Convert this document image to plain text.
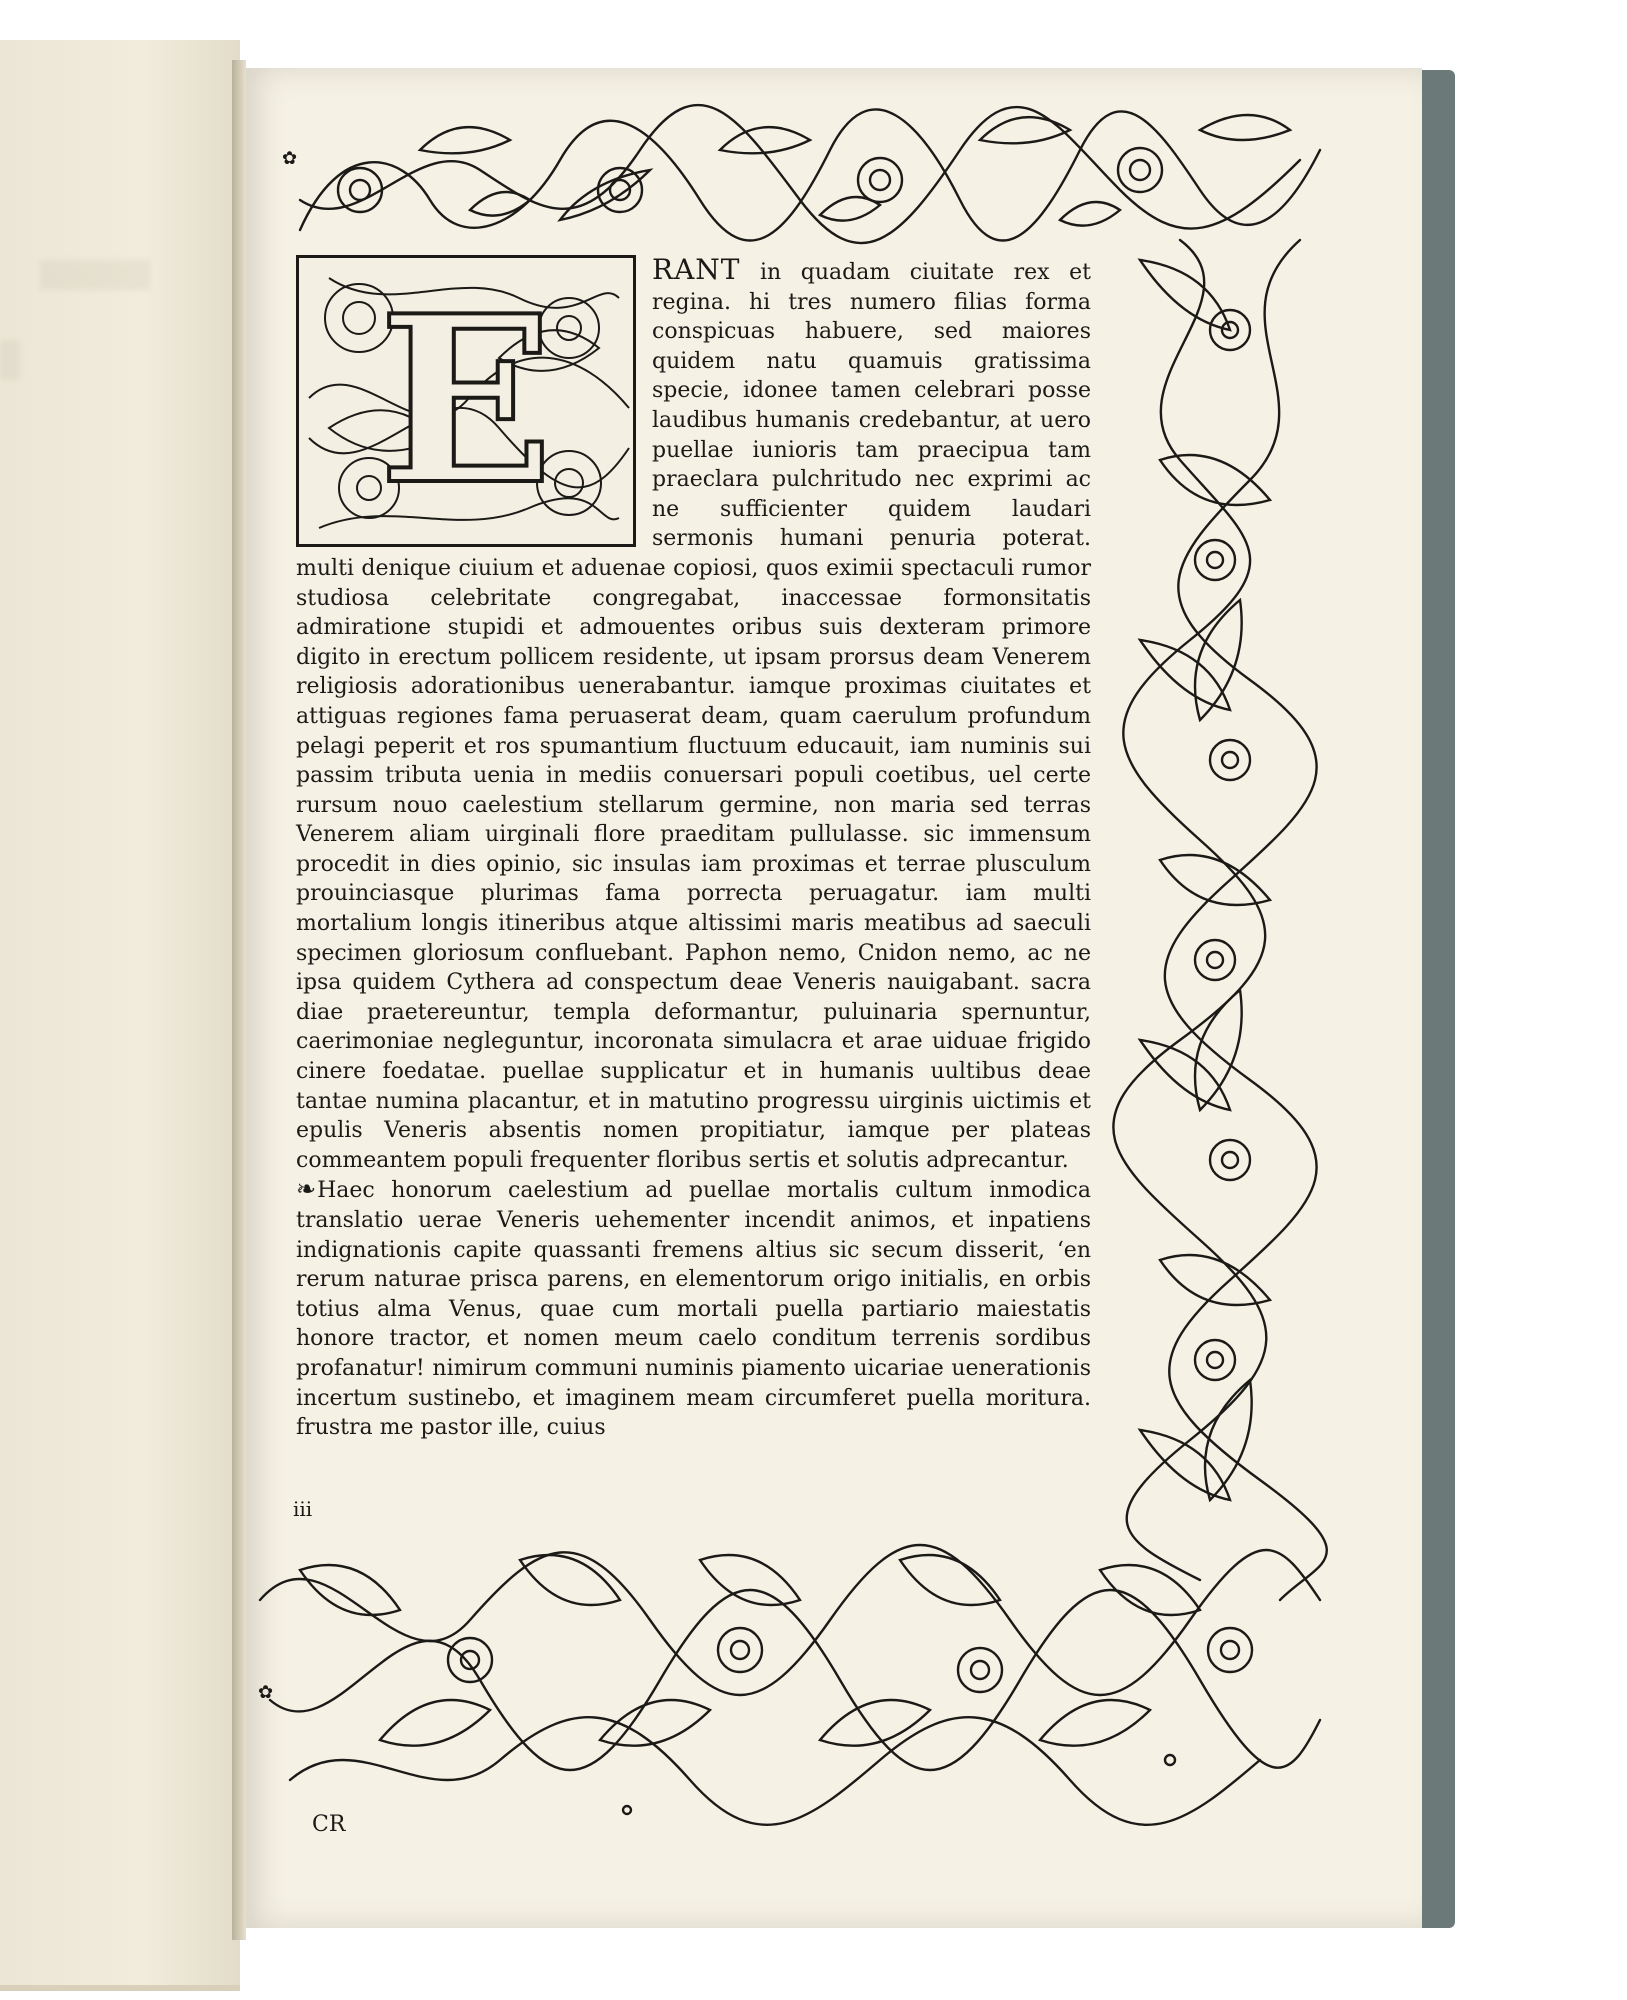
✿
✿
E	RANT in quadam ciuitate rex et regina. hi tres numero filias forma conspicuas habuere, sed maiores quidem natu quamuis gratissima specie, idonee tamen celebrari posse laudibus humanis credebantur, at uero puellae iunioris tam praecipua tam praeclara pulchritudo nec exprimi ac ne sufficienter quidem laudari sermonis humani penuria poterat. multi denique ciuium et aduenae copiosi, quos eximii spectaculi rumor studiosa celebritate congregabat, inaccessae formonsitatis admiratione stupidi et admouentes oribus suis dexteram primore digito in erectum pollicem residente, ut ipsam prorsus deam Venerem religiosis adorationibus uenerabantur. iamque proximas ciuitates et attiguas regiones fama peruaserat deam, quam caerulum profundum pelagi peperit et ros spumantium fluctuum educauit, iam numinis sui passim tributa uenia in mediis conuersari populi coetibus, uel certe rursum nouo caelestium stellarum germine, non maria sed terras Venerem aliam uirginali flore praeditam pullulasse. sic immensum procedit in dies opinio, sic insulas iam proximas et terrae plusculum prouinciasque plurimas fama porrecta peruagatur. iam multi mortalium longis itineribus atque altissimi maris meatibus ad saeculi specimen gloriosum confluebant. Paphon nemo, Cnidon nemo, ac ne ipsa quidem Cythera ad conspectum deae Veneris nauigabant. sacra diae praetereuntur, templa deformantur, puluinaria spernuntur, caerimoniae negleguntur, incoronata simulacra et arae uiduae frigido cinere foedatae. puellae supplicatur et in humanis uultibus deae tantae numina placantur, et in matutino progressu uirginis uictimis et epulis Veneris absentis nomen propitiatur, iamque per plateas commeantem populi frequenter floribus sertis et solutis adprecantur.

❧ Haec honorum caelestium ad puellae mortalis cultum inmodica translatio uerae Veneris uehementer incendit animos, et inpatiens indignationis capite quassanti fremens altius sic secum disserit, ‘en rerum naturae prisca parens, en elementorum origo initialis, en orbis totius alma Venus, quae cum mortali puella partiario maiestatis honore tractor, et nomen meum caelo conditum terrenis sordibus profanatur! nimirum communi numinis piamento uicariae uenerationis incertum sustinebo, et imaginem meam circumferet puella moritura. frustra me pastor ille, cuius

iii
CR
